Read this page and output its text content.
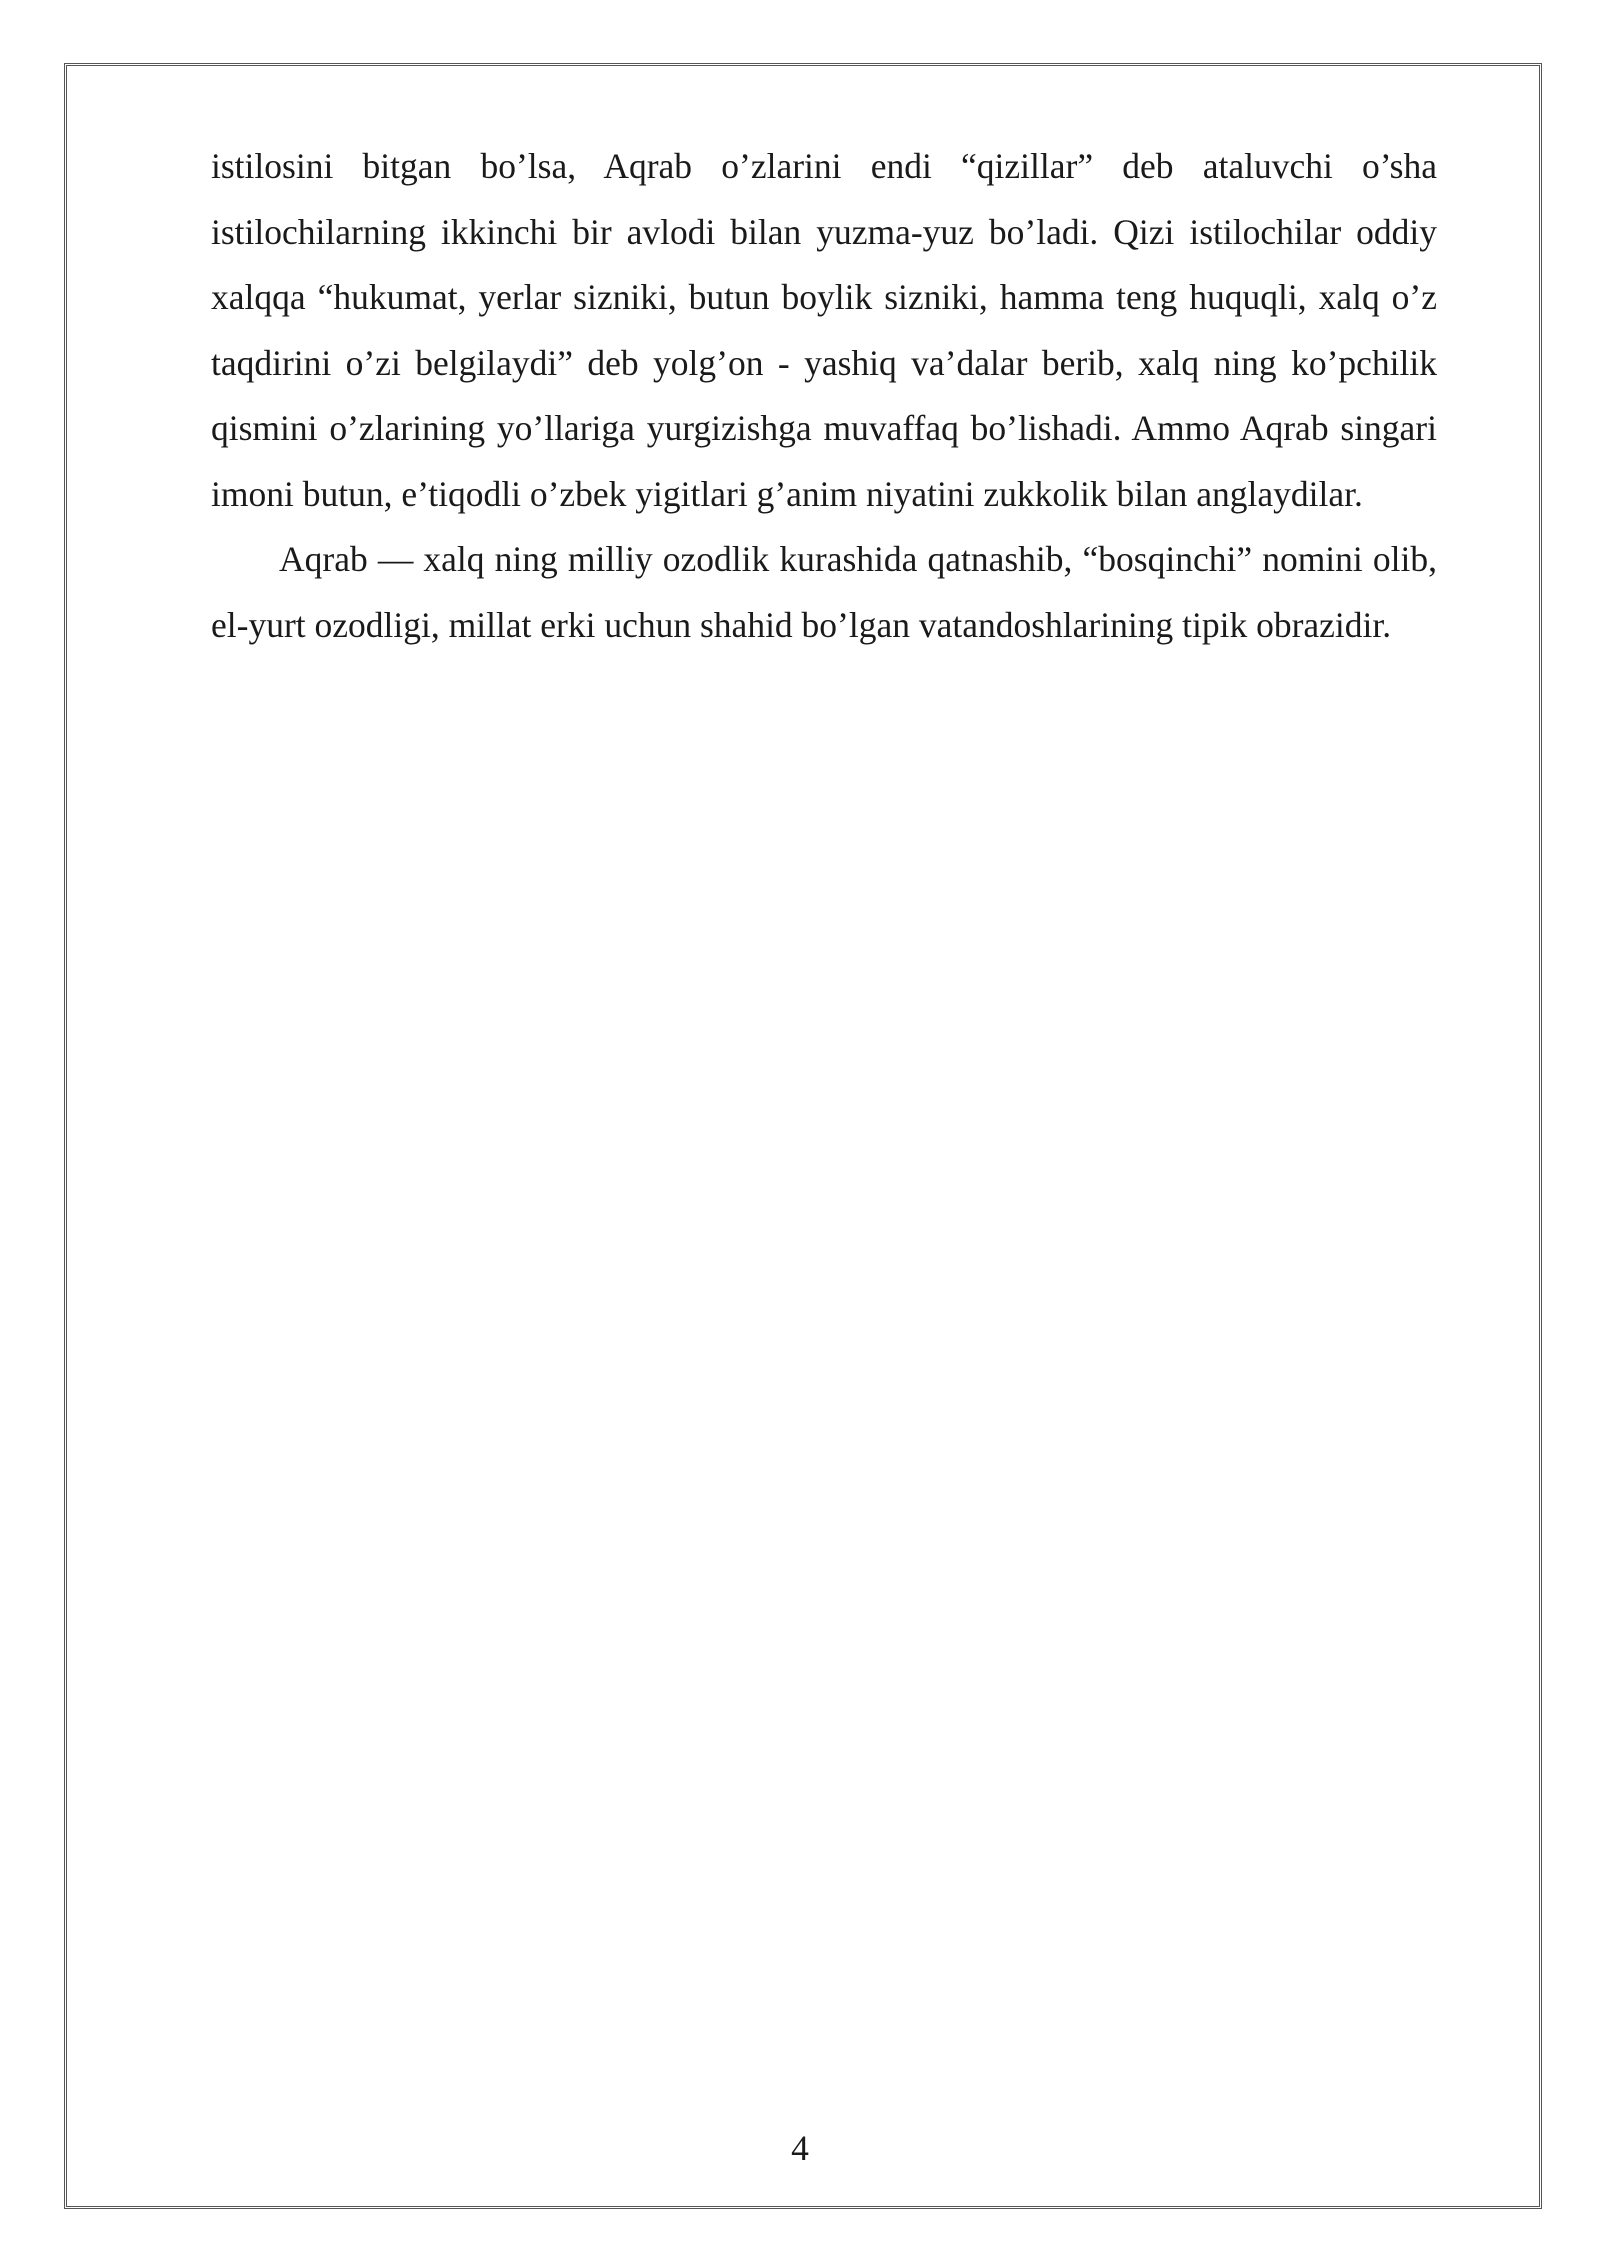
istilosini bitgan bo’lsa, Aqrab o’zlarini endi “qizillar” deb ataluvchi o’sha istilochilarning ikkinchi bir avlodi bilan yuzma-yuz bo’ladi. Qizi istilochilar oddiy xalqqa “hukumat, yerlar sizniki, butun boylik sizniki, hamma teng huquqli, xalq o’z taqdirini o’zi belgilaydi” deb yolg’on - yashiq va’dalar berib, xalq ning ko’pchilik qismini o’zlarining yo’llariga yurgizishga muvaffaq bo’lishadi. Ammo Aqrab singari imoni butun, e’tiqodli o’zbek yigitlari g’anim niyatini zukkolik bilan anglaydilar.

Aqrab — xalq ning milliy ozodlik kurashida qatnashib, “bosqinchi” nomini olib, el-yurt ozodligi, millat erki uchun shahid bo’lgan vatandoshlarining tipik obrazidir.

4
